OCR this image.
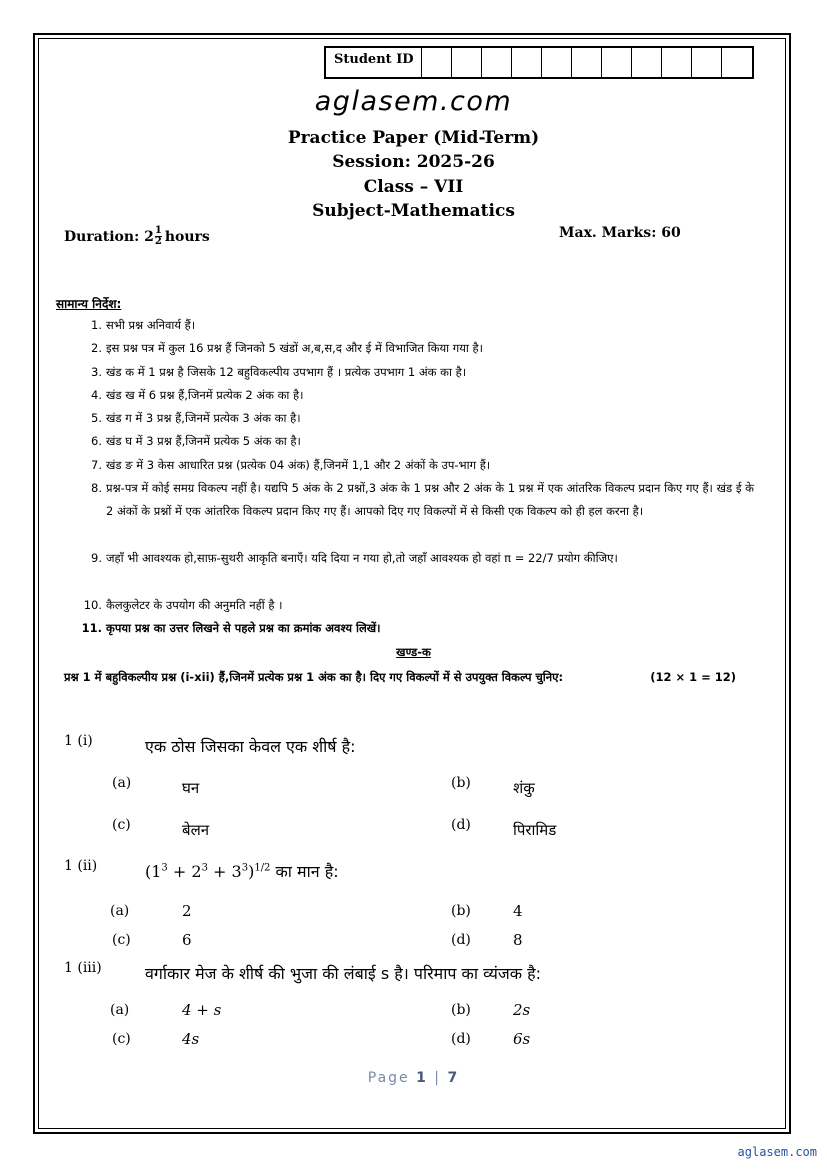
Student ID
aglasem.com
Practice Paper (Mid-Term)
Session: 2025-26
Class – VII
Subject-Mathematics
Duration: $2 \frac{1}{2}$ hours	Max. Marks: 60
सामान्य निर्देश:
1. सभी प्रश्न अनिवार्य हैं।
2. इस प्रश्न पत्र में कुल 16 प्रश्न हैं जिनको 5 खंडों अ,ब,स,द और ई में विभाजित किया गया है।
3. खंड क में 1 प्रश्न है जिसके 12 बहुविकल्पीय उपभाग हैं । प्रत्येक उपभाग 1 अंक का है।
4. खंड ख में 6 प्रश्न हैं,जिनमें प्रत्येक 2 अंक का है।
5. खंड ग में 3 प्रश्न हैं,जिनमें प्रत्येक 3 अंक का है।
6. खंड घ में 3 प्रश्न हैं,जिनमें प्रत्येक 5 अंक का है।
7. खंड ङ में 3 केस आधारित प्रश्न (प्रत्येक 04 अंक) हैं,जिनमें 1,1 और 2 अंकों के उप-भाग हैं।
8. प्रश्न-पत्र में कोई समग्र विकल्प नहीं है। यद्यपि 5 अंक के 2 प्रश्नों,3 अंक के 1 प्रश्न और 2 अंक के 1 प्रश्न में एक आंतरिक विकल्प प्रदान किए गए हैं। खंड ई के 2 अंकों के प्रश्नों में एक आंतरिक विकल्प प्रदान किए गए हैं। आपको दिए गए विकल्पों में से किसी एक विकल्प को ही हल करना है।
9. जहाँ भी आवश्यक हो,साफ़-सुथरी आकृति बनाएँ। यदि दिया न गया हो,तो जहाँ आवश्यक हो वहां π = 22/7 प्रयोग कीजिए।
10. कैलकुलेटर के उपयोग की अनुमति नहीं है ।
11. कृपया प्रश्न का उत्तर लिखने से पहले प्रश्न का क्रमांक अवश्य लिखें।
खण्ड-क
प्रश्न 1 में बहुविकल्पीय प्रश्न (i-xii) हैं,जिनमें प्रत्येक प्रश्न 1 अंक का है। दिए गए विकल्पों में से उपयुक्त विकल्प चुनिए:	(12 × 1 = 12)
1 (i)	एक ठोस जिसका केवल एक शीर्ष है:
(a)	घन	(b)	शंकु
(c)	बेलन	(d)	पिरामिड
1 (ii)	$(1^3 + 2^3 + 3^3)^{1/2}$ का मान है:
(a)	2	(b)	4
(c)	6	(d)	8
1 (iii)	वर्गाकार मेज के शीर्ष की भुजा की लंबाई s है। परिमाप का व्यंजक है:
(a)	4 + s	(b)	2s
(c)	4s	(d)	6s
Page 1 | 7
aglasem.com
